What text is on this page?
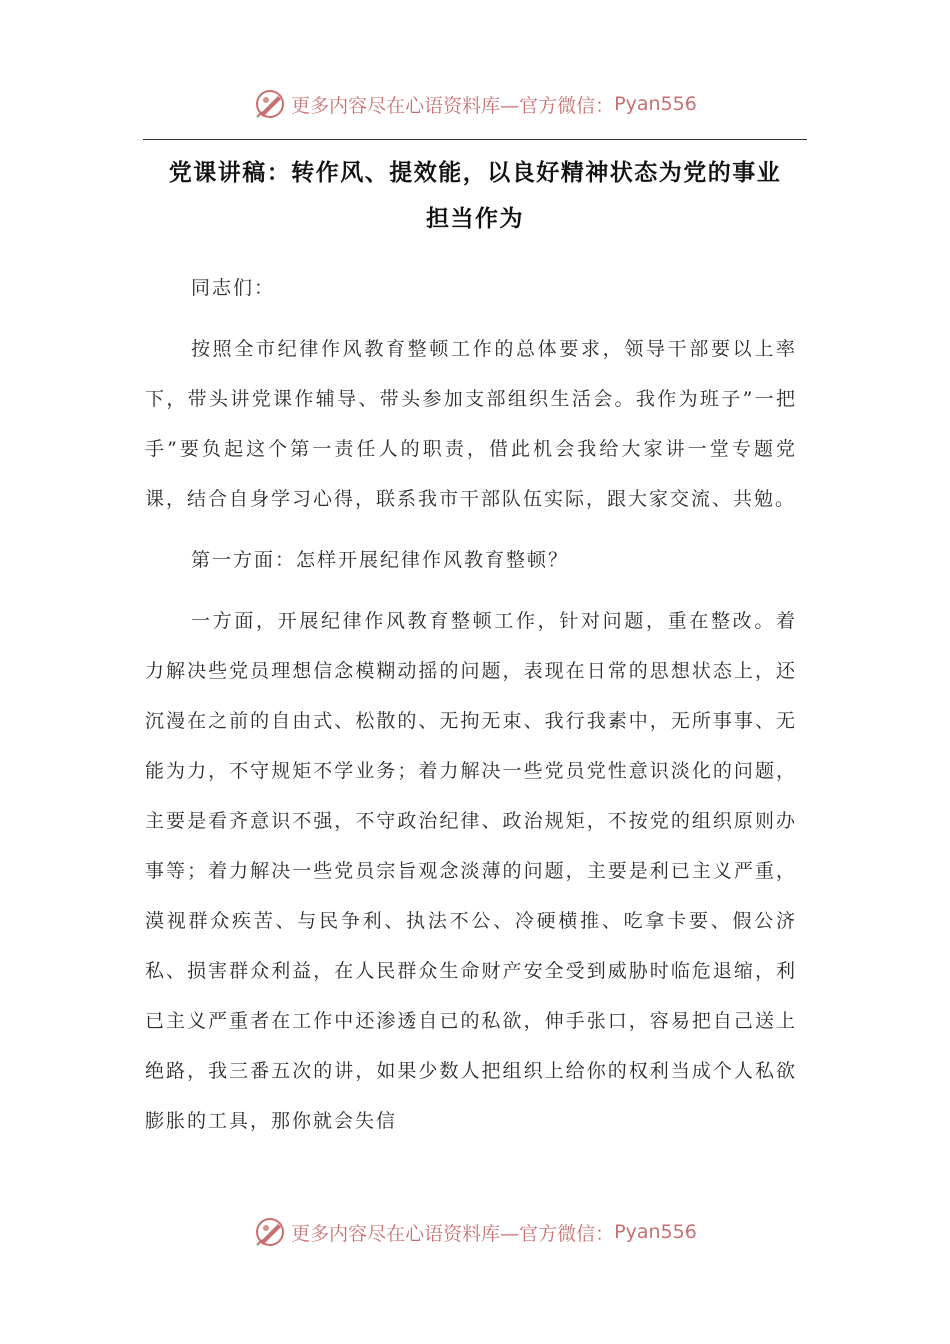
更多内容尽在心语资料库—官方微信： Pyan556
党课讲稿：转作风、提效能，以良好精神状态为党的事业
担当作为

同志们：

按照全市纪律作风教育整顿工作的总体要求，领导干部要以上率下，带头讲党课作辅导、带头参加支部组织生活会。我作为班子”一把手”要负起这个第一责任人的职责，借此机会我给大家讲一堂专题党课，结合自身学习心得，联系我市干部队伍实际，跟大家交流、共勉。

第一方面：怎样开展纪律作风教育整顿？

一方面，开展纪律作风教育整顿工作，针对问题，重在整改。着力解决些党员理想信念模糊动摇的问题，表现在日常的思想状态上，还沉漫在之前的自由式、松散的、无拘无束、我行我素中，无所事事、无能为力，不守规矩不学业务；着力解决一些党员党性意识淡化的问题，主要是看齐意识不强，不守政治纪律、政治规矩，不按党的组织原则办事等；着力解决一些党员宗旨观念淡薄的问题，主要是利已主义严重，漠视群众疾苦、与民争利、执法不公、冷硬横推、吃拿卡要、假公济私、损害群众利益，在人民群众生命财产安全受到威胁时临危退缩，利已主义严重者在工作中还渗透自已的私欲，伸手张口，容易把自己送上绝路，我三番五次的讲，如果少数人把组织上给你的权利当成个人私欲膨胀的工具，那你就会失信

更多内容尽在心语资料库—官方微信： Pyan556
